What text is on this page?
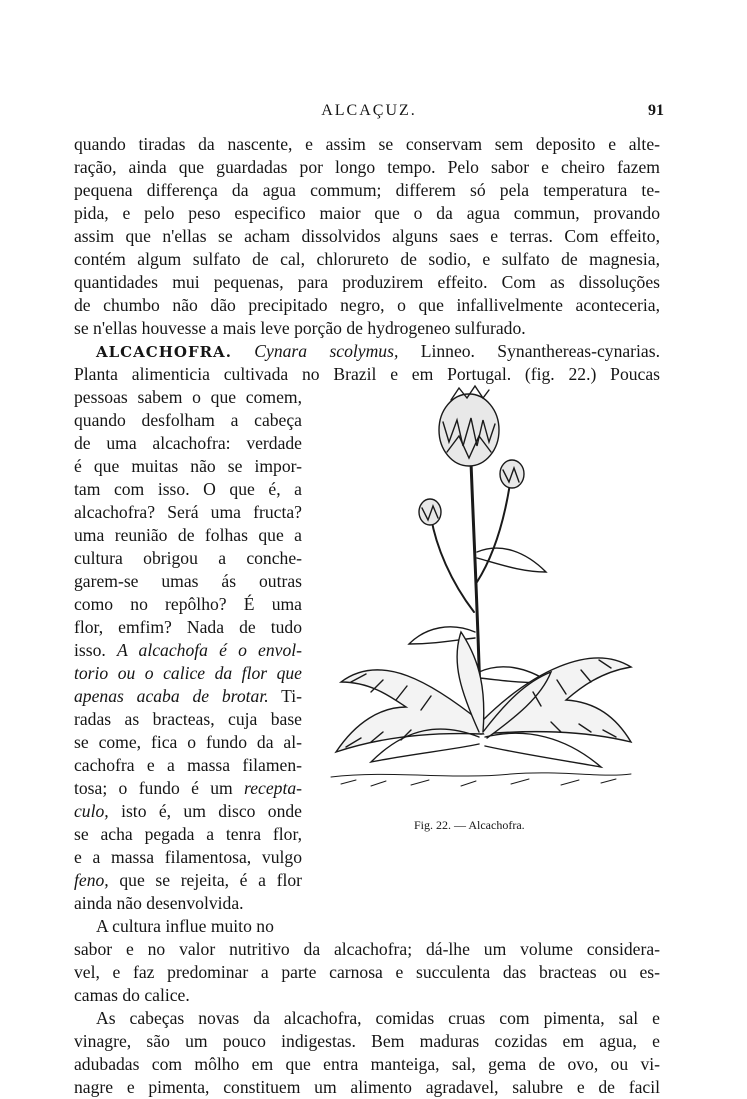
ALCAÇUZ.	91
quando tiradas da nascente, e assim se conservam sem deposito e alte-
ração, ainda que guardadas por longo tempo. Pelo sabor e cheiro fazem
pequena differença da agua commum; differem só pela temperatura te-
pida, e pelo peso especifico maior que o da agua commun, provando
assim que n'ellas se acham dissolvidos alguns saes e terras. Com effeito,
contém algum sulfato de cal, chlorureto de sodio, e sulfato de magnesia,
quantidades mui pequenas, para produzirem effeito. Com as dissoluções
de chumbo não dão precipitado negro, o que infallivelmente aconteceria,
se n'ellas houvesse a mais leve porção de hydrogeneo sulfurado.
ALCACHOFRA. Cynara scolymus, Linneo. Synanthereas-cynarias.
Planta alimenticia cultivada no Brazil e em Portugal. (fig. 22.) Poucas
pessoas sabem o que comem,
quando desfolham a cabeça
de uma alcachofra: verdade
é que muitas não se impor-
tam com isso. O que é, a
alcachofra? Será uma fructa?
uma reunião de folhas que a
cultura obrigou a conche-
garem-se umas ás outras
como no repôlho? É uma
flor, emfim? Nada de tudo
isso. A alcachofa é o envol-
torio ou o calice da flor que
apenas acaba de brotar. Ti-
radas as bracteas, cuja base
se come, fica o fundo da al-
cachofra e a massa filamen-
tosa; o fundo é um recepta-
culo, isto é, um disco onde
se acha pegada a tenra flor,
e a massa filamentosa, vulgo
feno, que se rejeita, é a flor
ainda não desenvolvida.
Fig. 22. — Alcachofra.
A cultura influe muito no
sabor e no valor nutritivo da alcachofra; dá-lhe um volume considera-
vel, e faz predominar a parte carnosa e succulenta das bracteas ou es-
camas do calice.
As cabeças novas da alcachofra, comidas cruas com pimenta, sal e
vinagre, são um pouco indigestas. Bem maduras cozidas em agua, e
adubadas com môlho em que entra manteiga, sal, gema de ovo, ou vi-
nagre e pimenta, constituem um alimento agradavel, salubre e de facil
